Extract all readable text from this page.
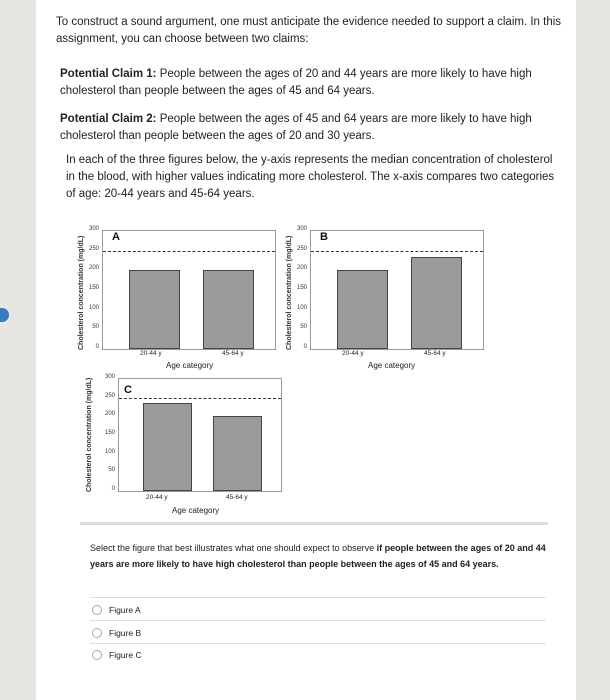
To construct a sound argument, one must anticipate the evidence needed to support a claim. In this assignment, you can choose between two claims:
Potential Claim 1: People between the ages of 20 and 44 years are more likely to have high cholesterol than people between the ages of 45 and 64 years.
Potential Claim 2: People between the ages of 45 and 64 years are more likely to have high cholesterol than people between the ages of 20 and 30 years.
In each of the three figures below, the y-axis represents the median concentration of cholesterol in the blood, with higher values indicating more cholesterol. The x-axis compares two categories of age: 20-44 years and 45-64 years.
Cholesterol concentration (mg/dL)
300
250
200
150
100
50
0
A
20-44 y	45-64 y
Age category
Cholesterol concentration (mg/dL)
300
250
200
150
100
50
0
B
20-44 y	45-64 y
Age category
Cholesterol concentration (mg/dL)
300
250
200
150
100
50
0
C
20-44 y	45-64 y
Age category
Select the figure that best illustrates what one should expect to observe if people between the ages of 20 and 44 years are more likely to have high cholesterol than people between the ages of 45 and 64 years.
Figure A
Figure B
Figure C
